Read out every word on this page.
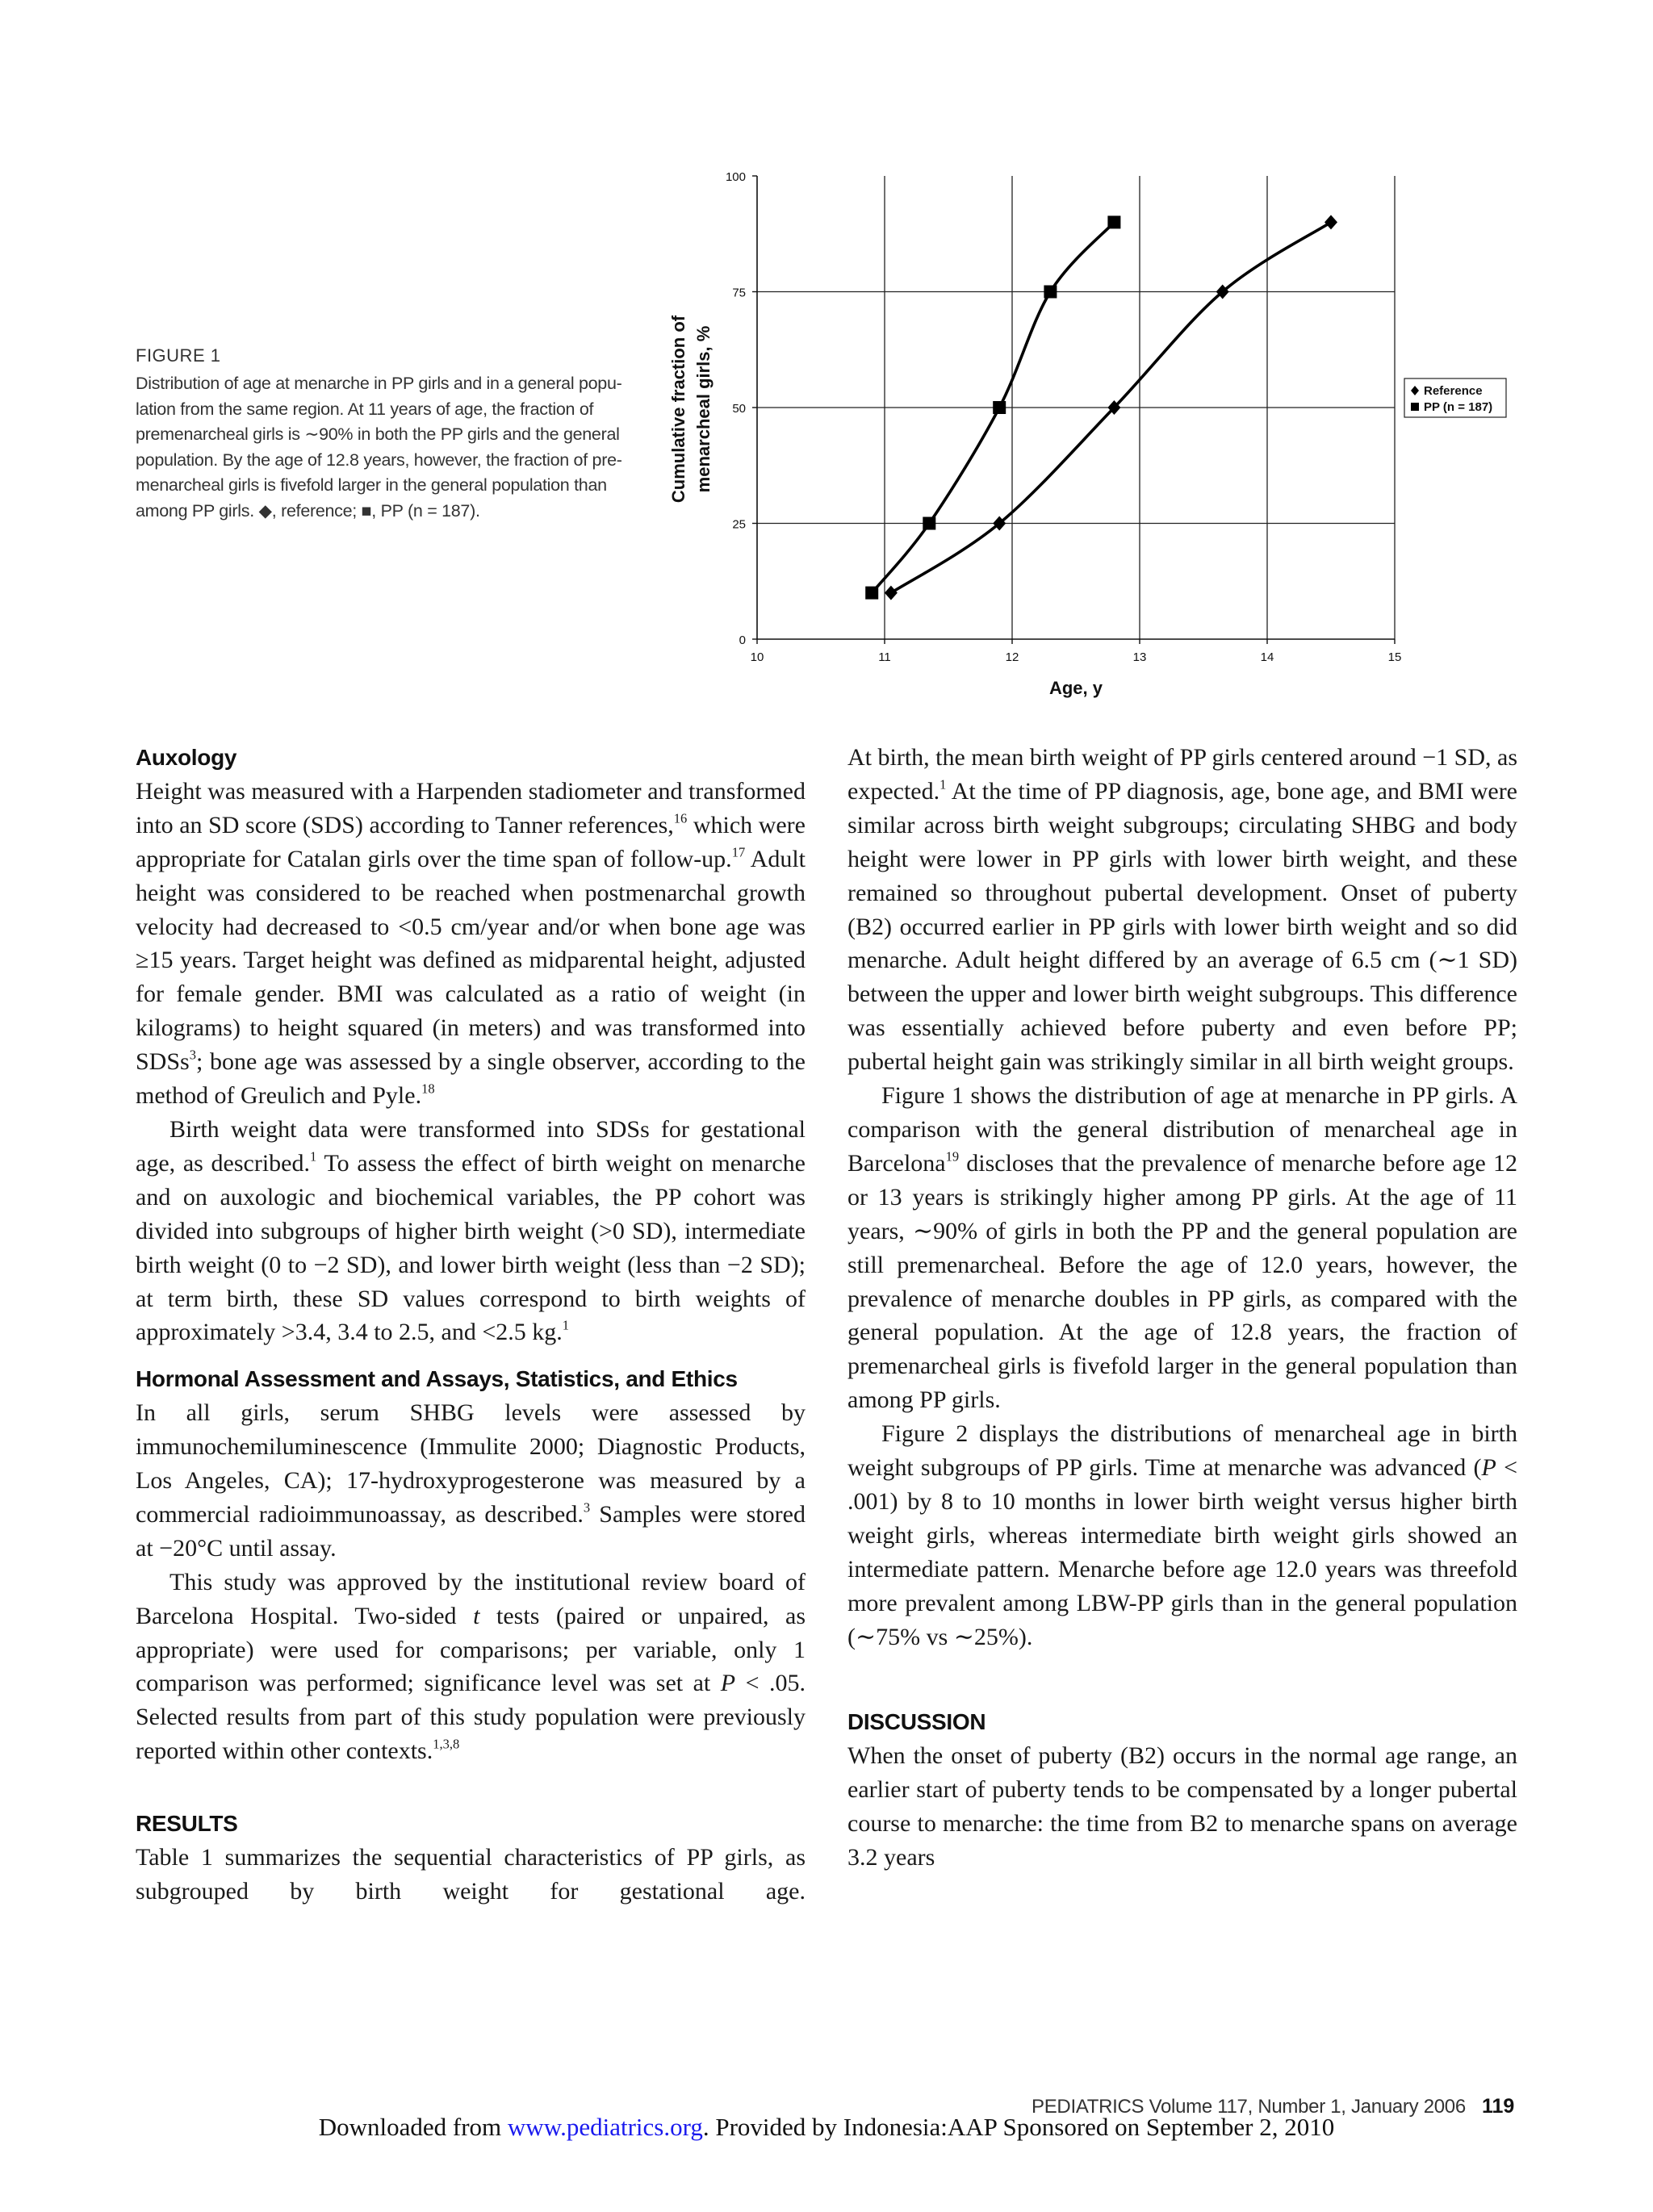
FIGURE 1
Distribution of age at menarche in PP girls and in a general popu-
lation from the same region. At 11 years of age, the fraction of
premenarcheal girls is ∼90% in both the PP girls and the general
population. By the age of 12.8 years, however, the fraction of pre-
menarcheal girls is fivefold larger in the general population than
among PP girls. ◆, reference; ■, PP (n = 187).
0
25
50
75
100
10	11	12	13	14	15
Age, y
Cumulative fraction of menarcheal girls, %	Reference
PP (n = 187)
Auxology

Height was measured with a Harpenden stadiometer and transformed into an SD score (SDS) according to Tanner references,$^{16}$ which were appropriate for Catalan girls over the time span of follow-up.$^{17}$ Adult height was considered to be reached when postmenarchal growth velocity had decreased to <0.5 cm/year and/or when bone age was ≥15 years. Target height was defined as midparental height, adjusted for female gender. BMI was calculated as a ratio of weight (in kilograms) to height squared (in meters) and was transformed into SDSs$^3$; bone age was assessed by a single observer, according to the method of Greulich and Pyle.$^{18}$

Birth weight data were transformed into SDSs for gestational age, as described.$^1$ To assess the effect of birth weight on menarche and on auxologic and biochemical variables, the PP cohort was divided into subgroups of higher birth weight (>0 SD), intermediate birth weight (0 to −2 SD), and lower birth weight (less than −2 SD); at term birth, these SD values correspond to birth weights of approximately >3.4, 3.4 to 2.5, and <2.5 kg.$^1$

Hormonal Assessment and Assays, Statistics, and Ethics

In all girls, serum SHBG levels were assessed by immunochemiluminescence (Immulite 2000; Diagnostic Products, Los Angeles, CA); 17-hydroxyprogesterone was measured by a commercial radioimmunoassay, as described.$^3$ Samples were stored at −20°C until assay.

This study was approved by the institutional review board of Barcelona Hospital. Two-sided t tests (paired or unpaired, as appropriate) were used for comparisons; per variable, only 1 comparison was performed; significance level was set at P < .05. Selected results from part of this study population were previously reported within other contexts.$^{1,3,8}$

RESULTS

Table 1 summarizes the sequential characteristics of PP girls, as subgrouped by birth weight for gestational age.

At birth, the mean birth weight of PP girls centered around −1 SD, as expected.$^1$ At the time of PP diagnosis, age, bone age, and BMI were similar across birth weight subgroups; circulating SHBG and body height were lower in PP girls with lower birth weight, and these remained so throughout pubertal development. Onset of puberty (B2) occurred earlier in PP girls with lower birth weight and so did menarche. Adult height differed by an average of 6.5 cm (∼1 SD) between the upper and lower birth weight subgroups. This difference was essentially achieved before puberty and even before PP; pubertal height gain was strikingly similar in all birth weight groups.

Figure 1 shows the distribution of age at menarche in PP girls. A comparison with the general distribution of menarcheal age in Barcelona$^{19}$ discloses that the prevalence of menarche before age 12 or 13 years is strikingly higher among PP girls. At the age of 11 years, ∼90% of girls in both the PP and the general population are still premenarcheal. Before the age of 12.0 years, however, the prevalence of menarche doubles in PP girls, as compared with the general population. At the age of 12.8 years, the fraction of premenarcheal girls is fivefold larger in the general population than among PP girls.

Figure 2 displays the distributions of menarcheal age in birth weight subgroups of PP girls. Time at menarche was advanced (P < .001) by 8 to 10 months in lower birth weight versus higher birth weight girls, whereas intermediate birth weight girls showed an intermediate pattern. Menarche before age 12.0 years was threefold more prevalent among LBW-PP girls than in the general population (∼75% vs ∼25%).

DISCUSSION

When the onset of puberty (B2) occurs in the normal age range, an earlier start of puberty tends to be compensated by a longer pubertal course to menarche: the time from B2 to menarche spans on average 3.2 years

PEDIATRICS Volume 117, Number 1, January 2006 119
Downloaded from www.pediatrics.org. Provided by Indonesia:AAP Sponsored on September 2, 2010
